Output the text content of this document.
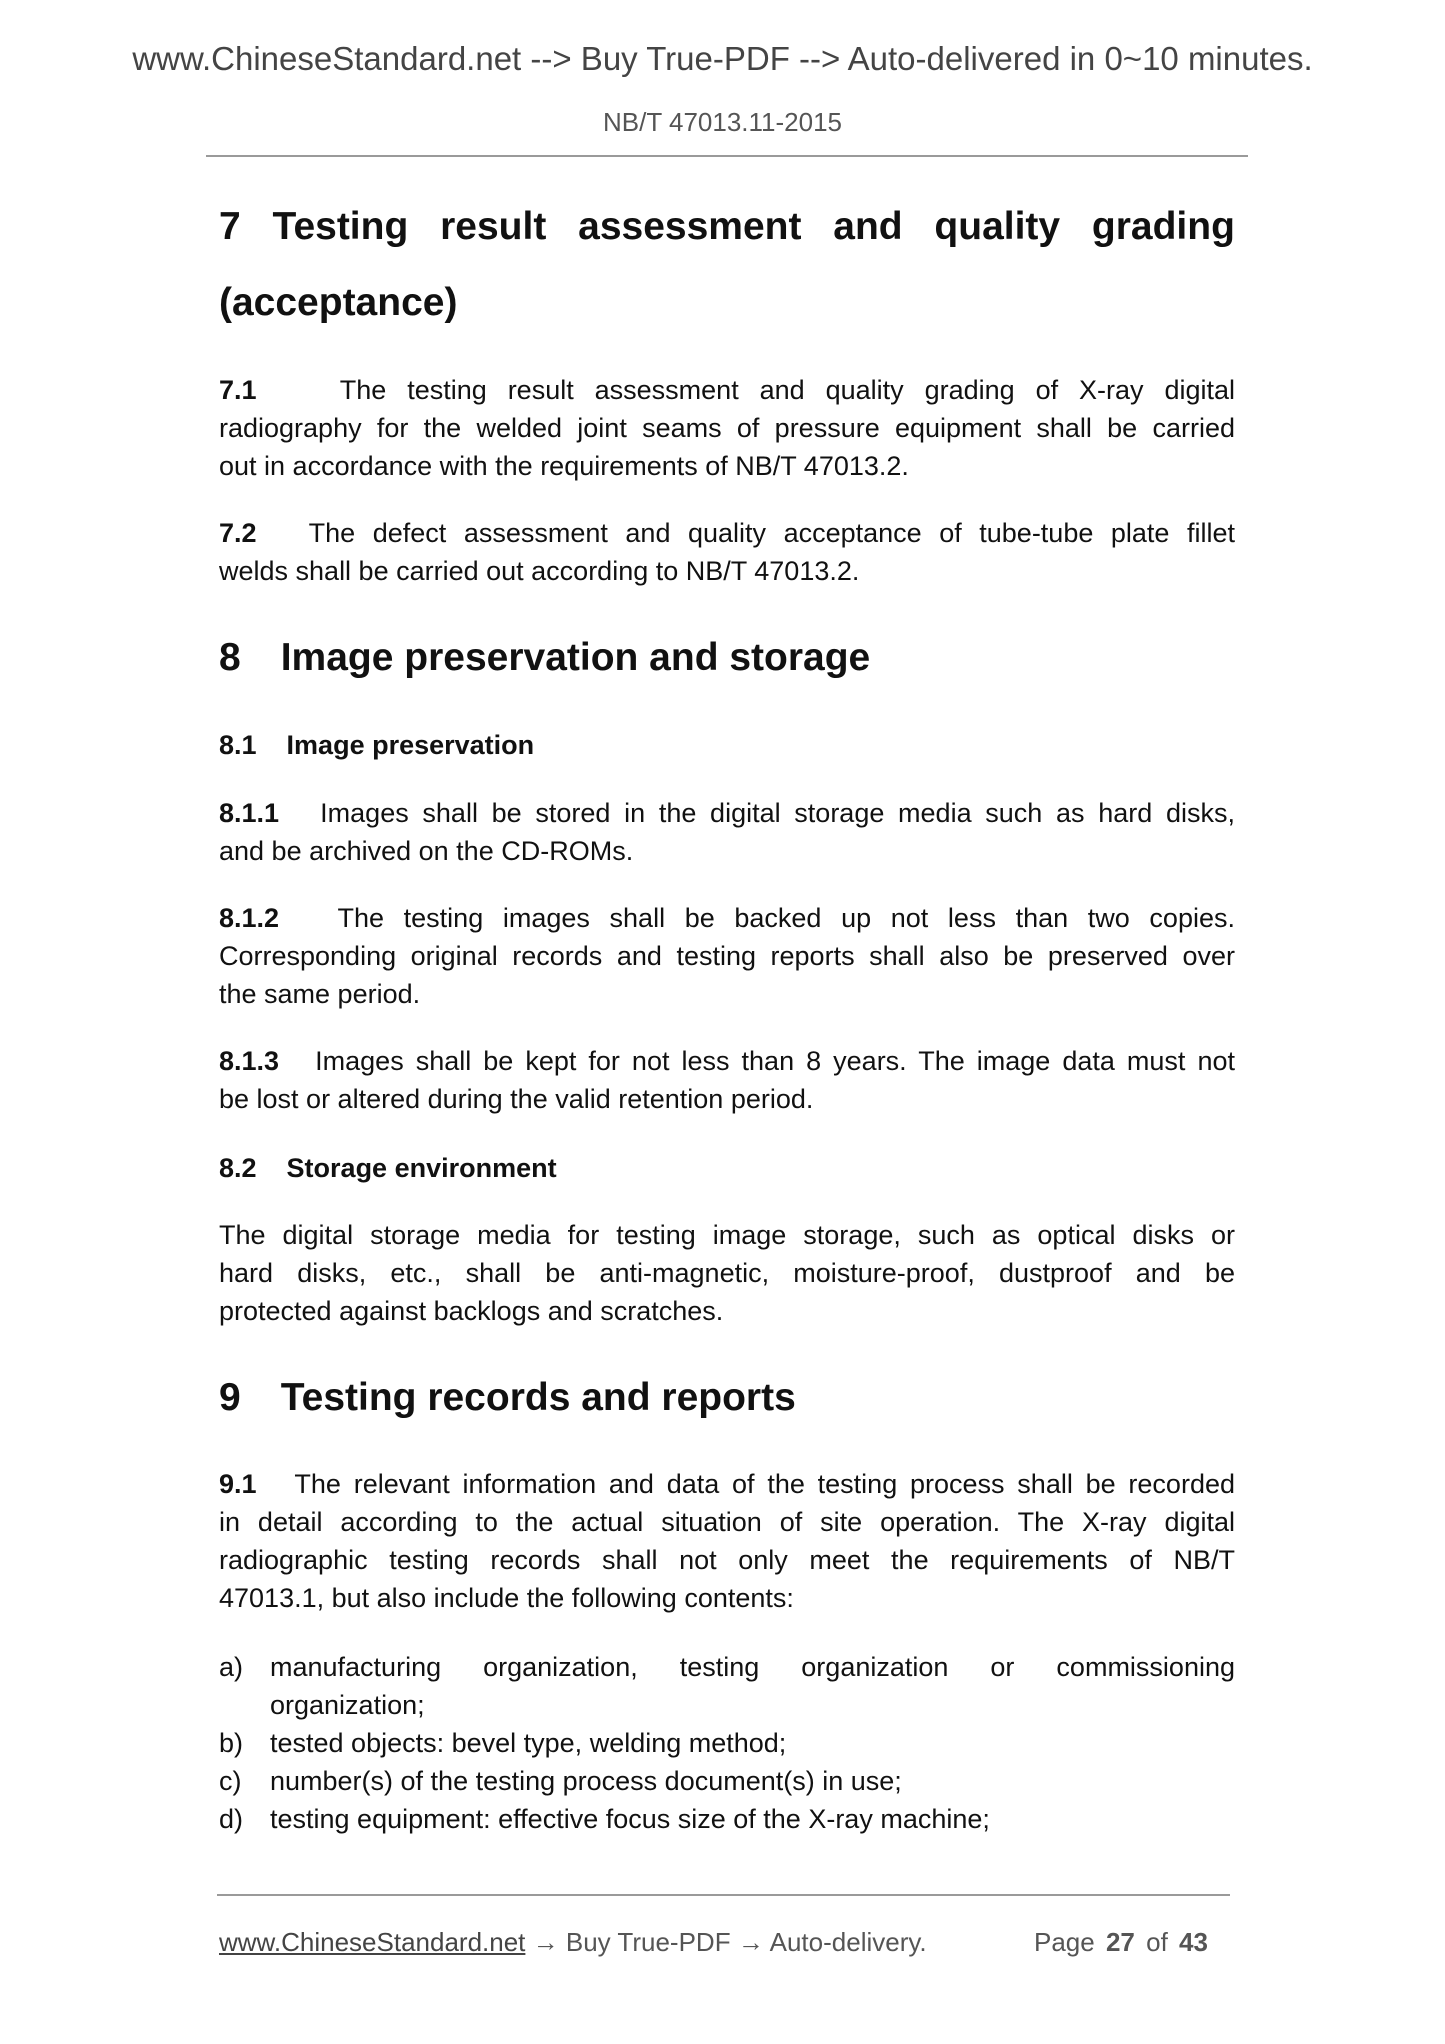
www.ChineseStandard.net --> Buy True-PDF --> Auto-delivered in 0~10 minutes.
NB/T 47013.11-2015
7 Testing result assessment and quality grading
(acceptance)
7.1	The testing result assessment and quality grading of X-ray digital
radiography for the welded joint seams of pressure equipment shall be carried
out in accordance with the requirements of NB/T 47013.2.
7.2 The defect assessment and quality acceptance of tube-tube plate fillet
welds shall be carried out according to NB/T 47013.2.
8 Image preservation and storage
8.1 Image preservation
8.1.1 Images shall be stored in the digital storage media such as hard disks,
and be archived on the CD-ROMs.
8.1.2 The testing images shall be backed up not less than two copies.
Corresponding original records and testing reports shall also be preserved over
the same period.
8.1.3 Images shall be kept for not less than 8 years. The image data must not
be lost or altered during the valid retention period.
8.2 Storage environment
The digital storage media for testing image storage, such as optical disks or
hard disks, etc., shall be anti-magnetic, moisture-proof, dustproof and be
protected against backlogs and scratches.
9 Testing records and reports
9.1 The relevant information and data of the testing process shall be recorded
in detail according to the actual situation of site operation. The X-ray digital
radiographic testing records shall not only meet the requirements of NB/T
47013.1, but also include the following contents:
a) manufacturing organization, testing organization or commissioning
organization;
b) tested objects: bevel type, welding method;
c)	number(s) of the testing process document(s) in use;
d) testing equipment: effective focus size of the X-ray machine;
www.ChineseStandard.net → Buy True-PDF → Auto-delivery.	Page 27 of 43
